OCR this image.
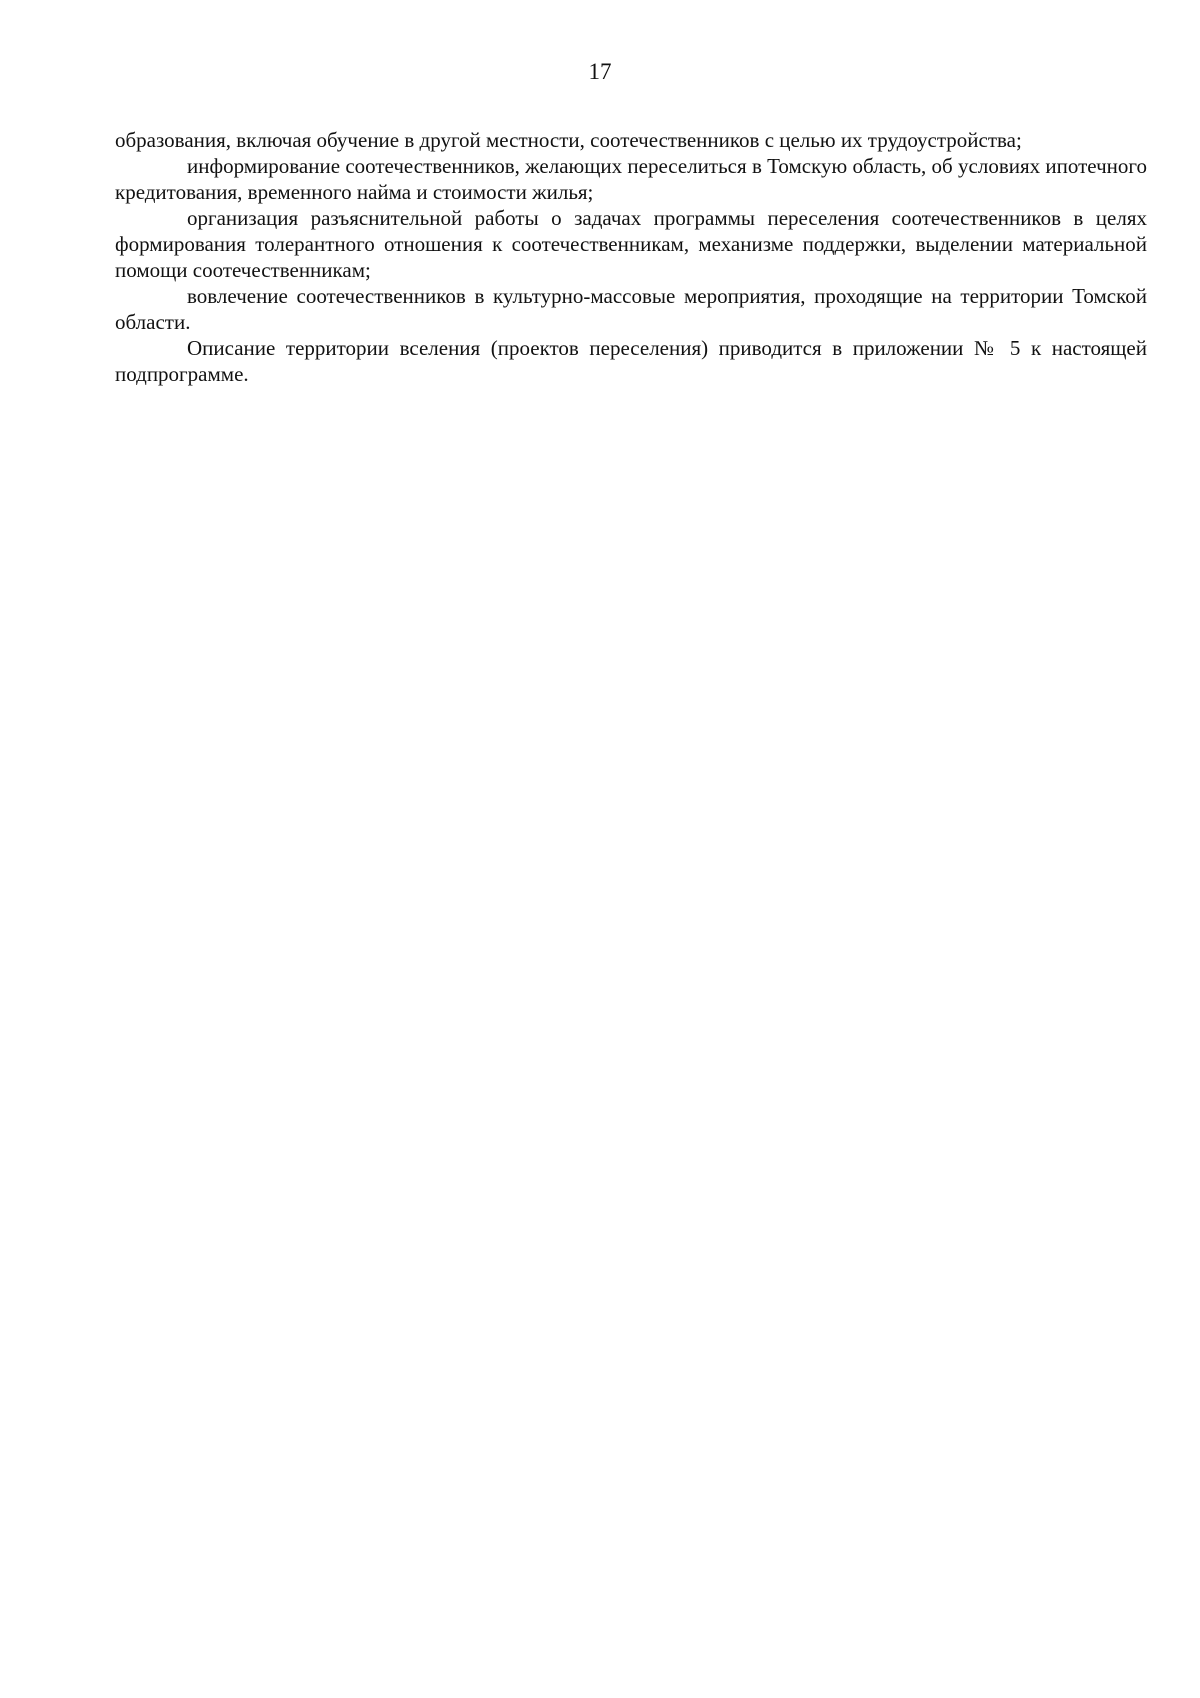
17

образования, включая обучение в другой местности, соотечественников с целью их трудоустройства;

информирование соотечественников, желающих переселиться в Томскую область, об условиях ипотечного кредитования, временного найма и стоимости жилья;

организация разъяснительной работы о задачах программы переселения соотечественников в целях формирования толерантного отношения к соотечественникам, механизме поддержки, выделении материальной помощи соотечественникам;

вовлечение соотечественников в культурно-массовые мероприятия, проходящие на территории Томской области.

Описание территории вселения (проектов переселения) приводится в приложении № 5 к настоящей подпрограмме.
